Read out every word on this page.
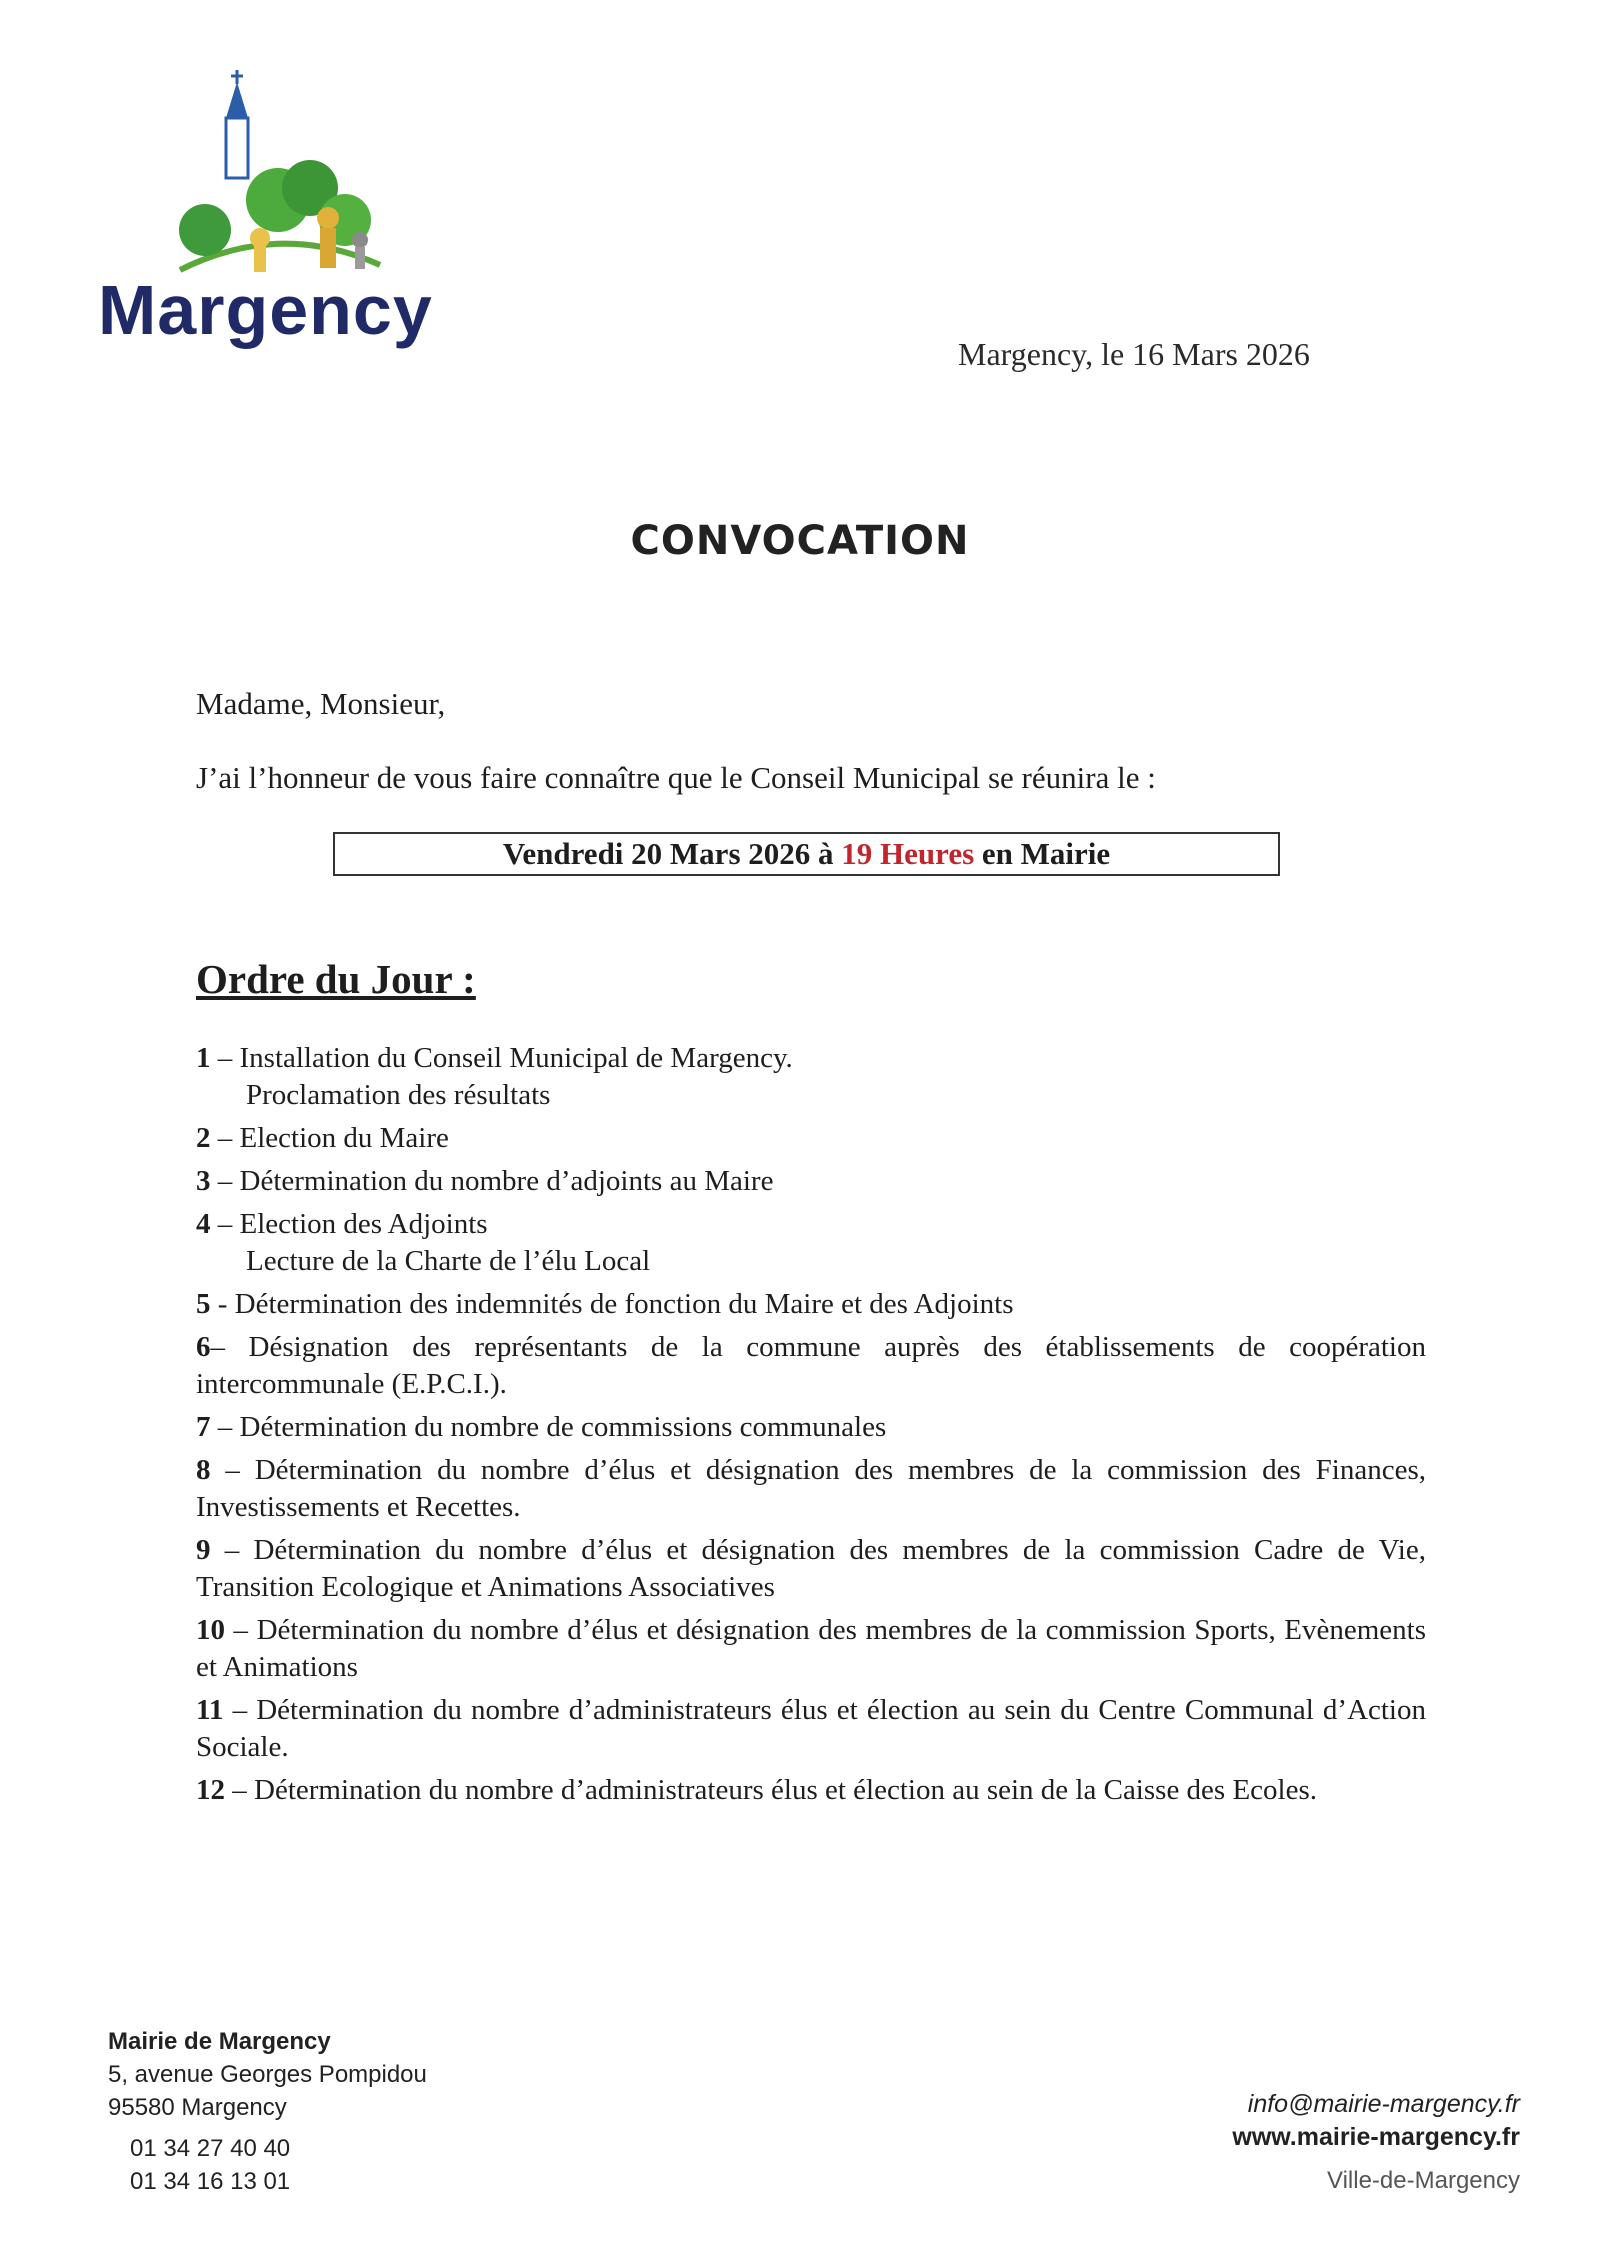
Margency
Margency, le 16 Mars 2026
CONVOCATION
Madame, Monsieur,
J’ai l’honneur de vous faire connaître que le Conseil Municipal se réunira le :
Vendredi 20 Mars 2026 à
19 Heures
en Mairie
Ordre du Jour :
1 – Installation du Conseil Municipal de Margency.
Proclamation des résultats
2 – Election du Maire
3 – Détermination du nombre d’adjoints au Maire
4 – Election des Adjoints
Lecture de la Charte de l’élu Local
5 - Détermination des indemnités de fonction du Maire et des Adjoints
6– Désignation des représentants de la commune auprès des établissements de coopération intercommunale (E.P.C.I.).
7 – Détermination du nombre de commissions communales
8 – Détermination du nombre d’élus et désignation des membres de la commission des Finances, Investissements et Recettes.
9 – Détermination du nombre d’élus et désignation des membres de la commission Cadre de Vie, Transition Ecologique et Animations Associatives
10 – Détermination du nombre d’élus et désignation des membres de la commission Sports, Evènements et Animations
11 – Détermination du nombre d’administrateurs élus et élection au sein du Centre Communal d’Action Sociale.
12 – Détermination du nombre d’administrateurs élus et élection au sein de la Caisse des Ecoles.
Mairie de Margency
5, avenue Georges Pompidou
95580 Margency
01 34 27 40 40
01 34 16 13 01
info@mairie-margency.fr
www.mairie-margency.fr
Ville-de-Margency
